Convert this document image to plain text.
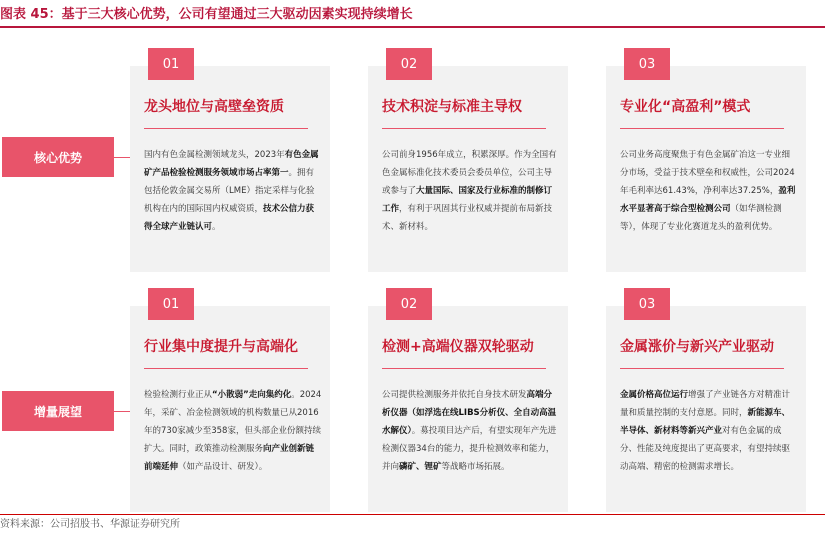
图表 45：基于三大核心优势，公司有望通过三大驱动因素实现持续增长
核心优势
01
龙头地位与高壁垒资质
国内有色金属检测领域龙头，2023年有色金属矿产品检验检测服务领域市场占率第一。拥有包括伦敦金属交易所（LME）指定采样与化验机构在内的国际国内权威资质，技术公信力获得全球产业链认可。
02
技术积淀与标准主导权
公司前身1956年成立，积累深厚。作为全国有色金属标准化技术委员会委员单位，公司主导或参与了大量国际、国家及行业标准的制修订工作，有利于巩固其行业权威并提前布局新技术、新材料。
03
专业化“高盈利”模式
公司业务高度聚焦于有色金属矿冶这一专业细分市场，受益于技术壁垒和权威性，公司2024年毛利率达61.43%，净利率达37.25%，盈利水平显著高于综合型检测公司（如华测检测等），体现了专业化赛道龙头的盈利优势。
增量展望
01
行业集中度提升与高端化
检验检测行业正从“小散弱”走向集约化。2024年，采矿、冶金检测领域的机构数量已从2016年的730家减少至358家，但头部企业份额持续扩大。同时，政策推动检测服务向产业创新链前端延伸（如产品设计、研发）。
02
检测+高端仪器双轮驱动
公司提供检测服务并依托自身技术研发高端分析仪器（如浮选在线LIBS分析仪、全自动高温水解仪）。募投项目达产后，有望实现年产先进检测仪器34台的能力，提升检测效率和能力，并向磷矿、锂矿等战略市场拓展。
03
金属涨价与新兴产业驱动
金属价格高位运行增强了产业链各方对精准计量和质量控制的支付意愿。同时，新能源车、半导体、新材料等新兴产业对有色金属的成分、性能及纯度提出了更高要求，有望持续驱动高端、精密的检测需求增长。
资料来源：公司招股书、华源证券研究所
